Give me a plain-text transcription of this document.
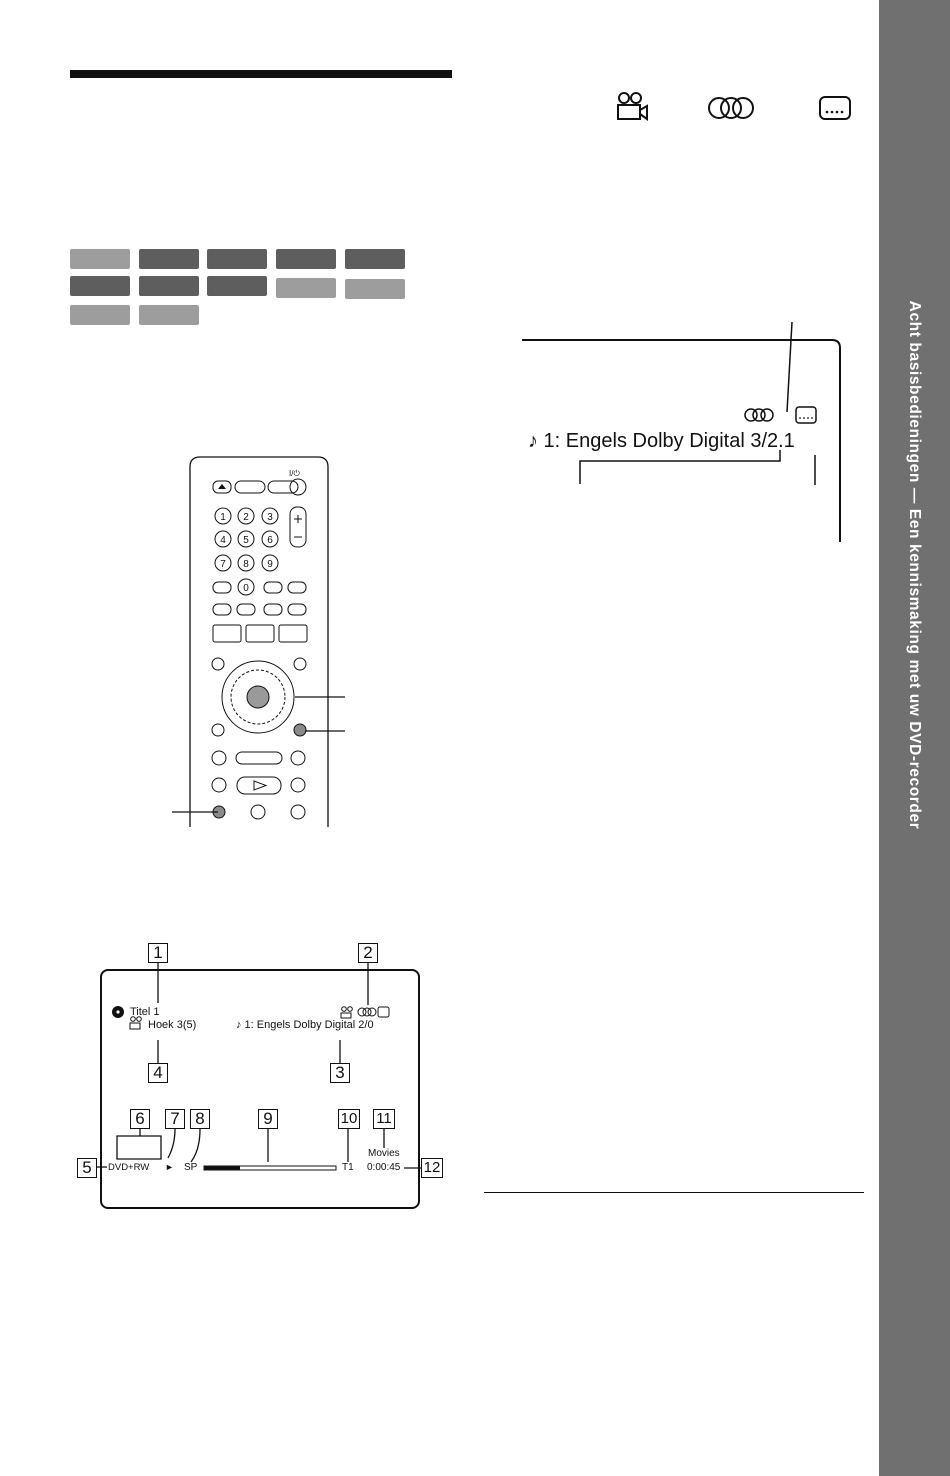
♪ 1: Engels Dolby Digital 3/2.1
I/⏻
1 2 3
4 5 6
7 8 9
0
Titel 1
Hoek 3(5)	♪ 1: Engels Dolby Digital 2/0
DVD+RW ► SP	T1
Movies
0:00:45
1	2
3
4
5
6	7 8	9	10 11
12
Acht basisbedieningen — Een kennismaking met uw DVD-recorder
